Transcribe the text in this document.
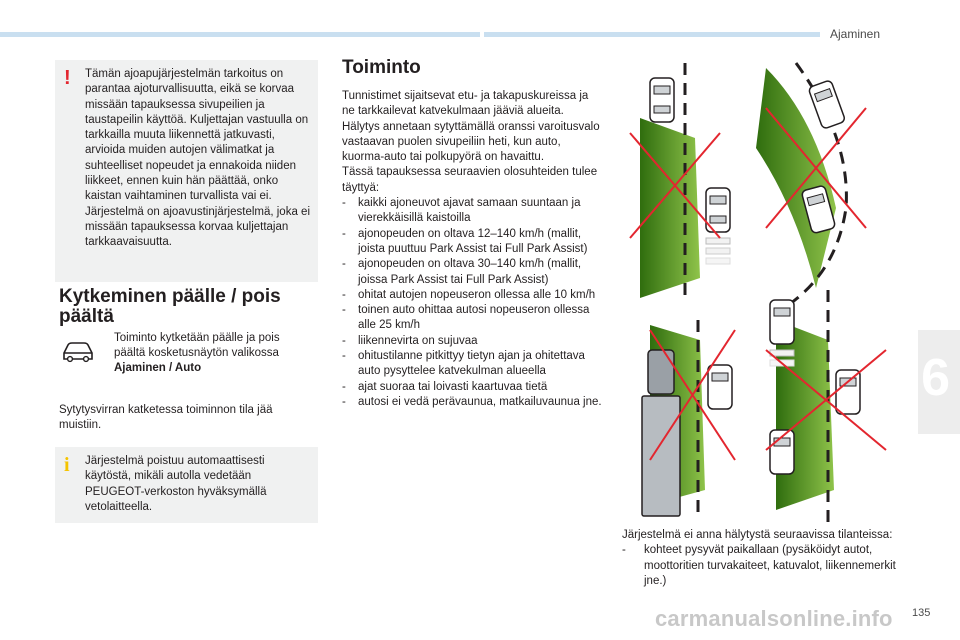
Ajaminen
6
! Tämän ajoapujärjestelmän tarkoitus on parantaa ajoturvallisuutta, eikä se korvaa missään tapauksessa sivupeilien ja taustapeilin käyttöä. Kuljettajan vastuulla on tarkkailla muuta liikennettä jatkuvasti, arvioida muiden autojen välimatkat ja suhteelliset nopeudet ja ennakoida niiden liikkeet, ennen kuin hän päättää, onko kaistan vaihtaminen turvallista vai ei. Järjestelmä on ajoavustinjärjestelmä, joka ei missään tapauksessa korvaa kuljettajan tarkkaavaisuutta.
Kytkeminen päälle / pois päältä
Toiminto kytketään päälle ja pois päältä kosketusnäytön valikossa Ajaminen / Auto
Sytytysvirran katketessa toiminnon tila jää muistiin.
i Järjestelmä poistuu automaattisesti käytöstä, mikäli autolla vedetään PEUGEOT-verkoston hyväksymällä vetolaitteella.
Toiminto
Tunnistimet sijaitsevat etu- ja takapuskureissa ja ne tarkkailevat katvekulmaan jääviä alueita. Hälytys annetaan sytyttämällä oranssi varoitusvalo vastaavan puolen sivupeiliin heti, kun auto, kuorma-auto tai polkupyörä on havaittu.
Tässä tapauksessa seuraavien olosuhteiden tulee täyttyä:
- kaikki ajoneuvot ajavat samaan suuntaan ja vierekkäisillä kaistoilla
- ajonopeuden on oltava 12–140 km/h (mallit, joista puuttuu Park Assist tai Full Park Assist)
- ajonopeuden on oltava 30–140 km/h (mallit, joissa Park Assist tai Full Park Assist)
- ohitat autojen nopeuseron ollessa alle 10 km/h
- toinen auto ohittaa autosi nopeuseron ollessa alle 25 km/h
- liikennevirta on sujuvaa
- ohitustilanne pitkittyy tietyn ajan ja ohitettava auto pysyttelee katvekulman alueella
- ajat suoraa tai loivasti kaartuvaa tietä
- autosi ei vedä perävaunua, matkailuvaunua jne.
Järjestelmä ei anna hälytystä seuraavissa tilanteissa:
- kohteet pysyvät paikallaan (pysäköidyt autot, moottoritien turvakaiteet, katuvalot, liikennemerkit jne.)
carmanualsonline.info 135
